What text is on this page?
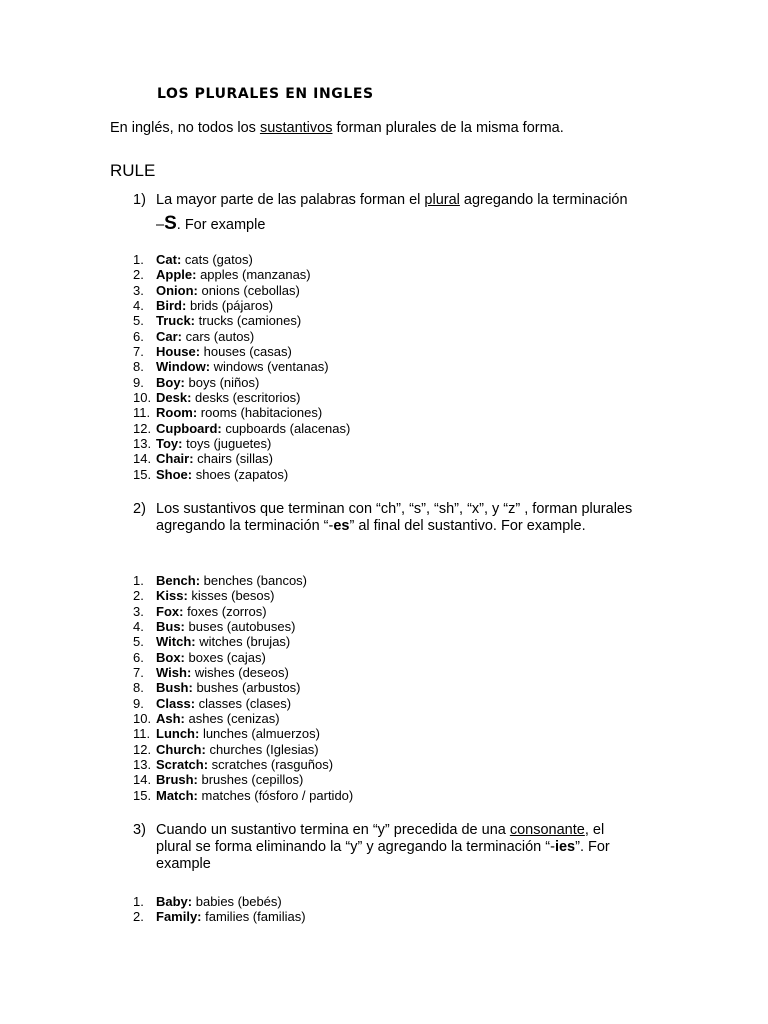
LOS PLURALES EN INGLES
En inglés, no todos los sustantivos forman plurales de la misma forma.
RULE
1) La mayor parte de las palabras forman el plural agregando la terminación –S. For example
1. Cat: cats (gatos)
2. Apple: apples (manzanas)
3. Onion: onions (cebollas)
4. Bird: brids (pájaros)
5. Truck: trucks (camiones)
6. Car: cars (autos)
7. House: houses (casas)
8. Window: windows (ventanas)
9. Boy: boys (niños)
10. Desk: desks (escritorios)
11. Room: rooms (habitaciones)
12. Cupboard: cupboards (alacenas)
13. Toy: toys (juguetes)
14. Chair: chairs (sillas)
15. Shoe: shoes (zapatos)
2) Los sustantivos que terminan con “ch”, “s”, “sh”, “x”, y “z” , forman plurales agregando la terminación “-es” al final del sustantivo. For example.
1. Bench: benches (bancos)
2. Kiss: kisses (besos)
3. Fox: foxes (zorros)
4. Bus: buses (autobuses)
5. Witch: witches (brujas)
6. Box: boxes (cajas)
7. Wish: wishes (deseos)
8. Bush: bushes (arbustos)
9. Class: classes (clases)
10. Ash: ashes (cenizas)
11. Lunch: lunches (almuerzos)
12. Church: churches (Iglesias)
13. Scratch: scratches (rasguños)
14. Brush: brushes (cepillos)
15. Match: matches (fósforo / partido)
3) Cuando un sustantivo termina en “y” precedida de una consonante, el plural se forma eliminando la “y” y agregando la terminación “-ies”. For example
1. Baby: babies (bebés)
2. Family: families (familias)
